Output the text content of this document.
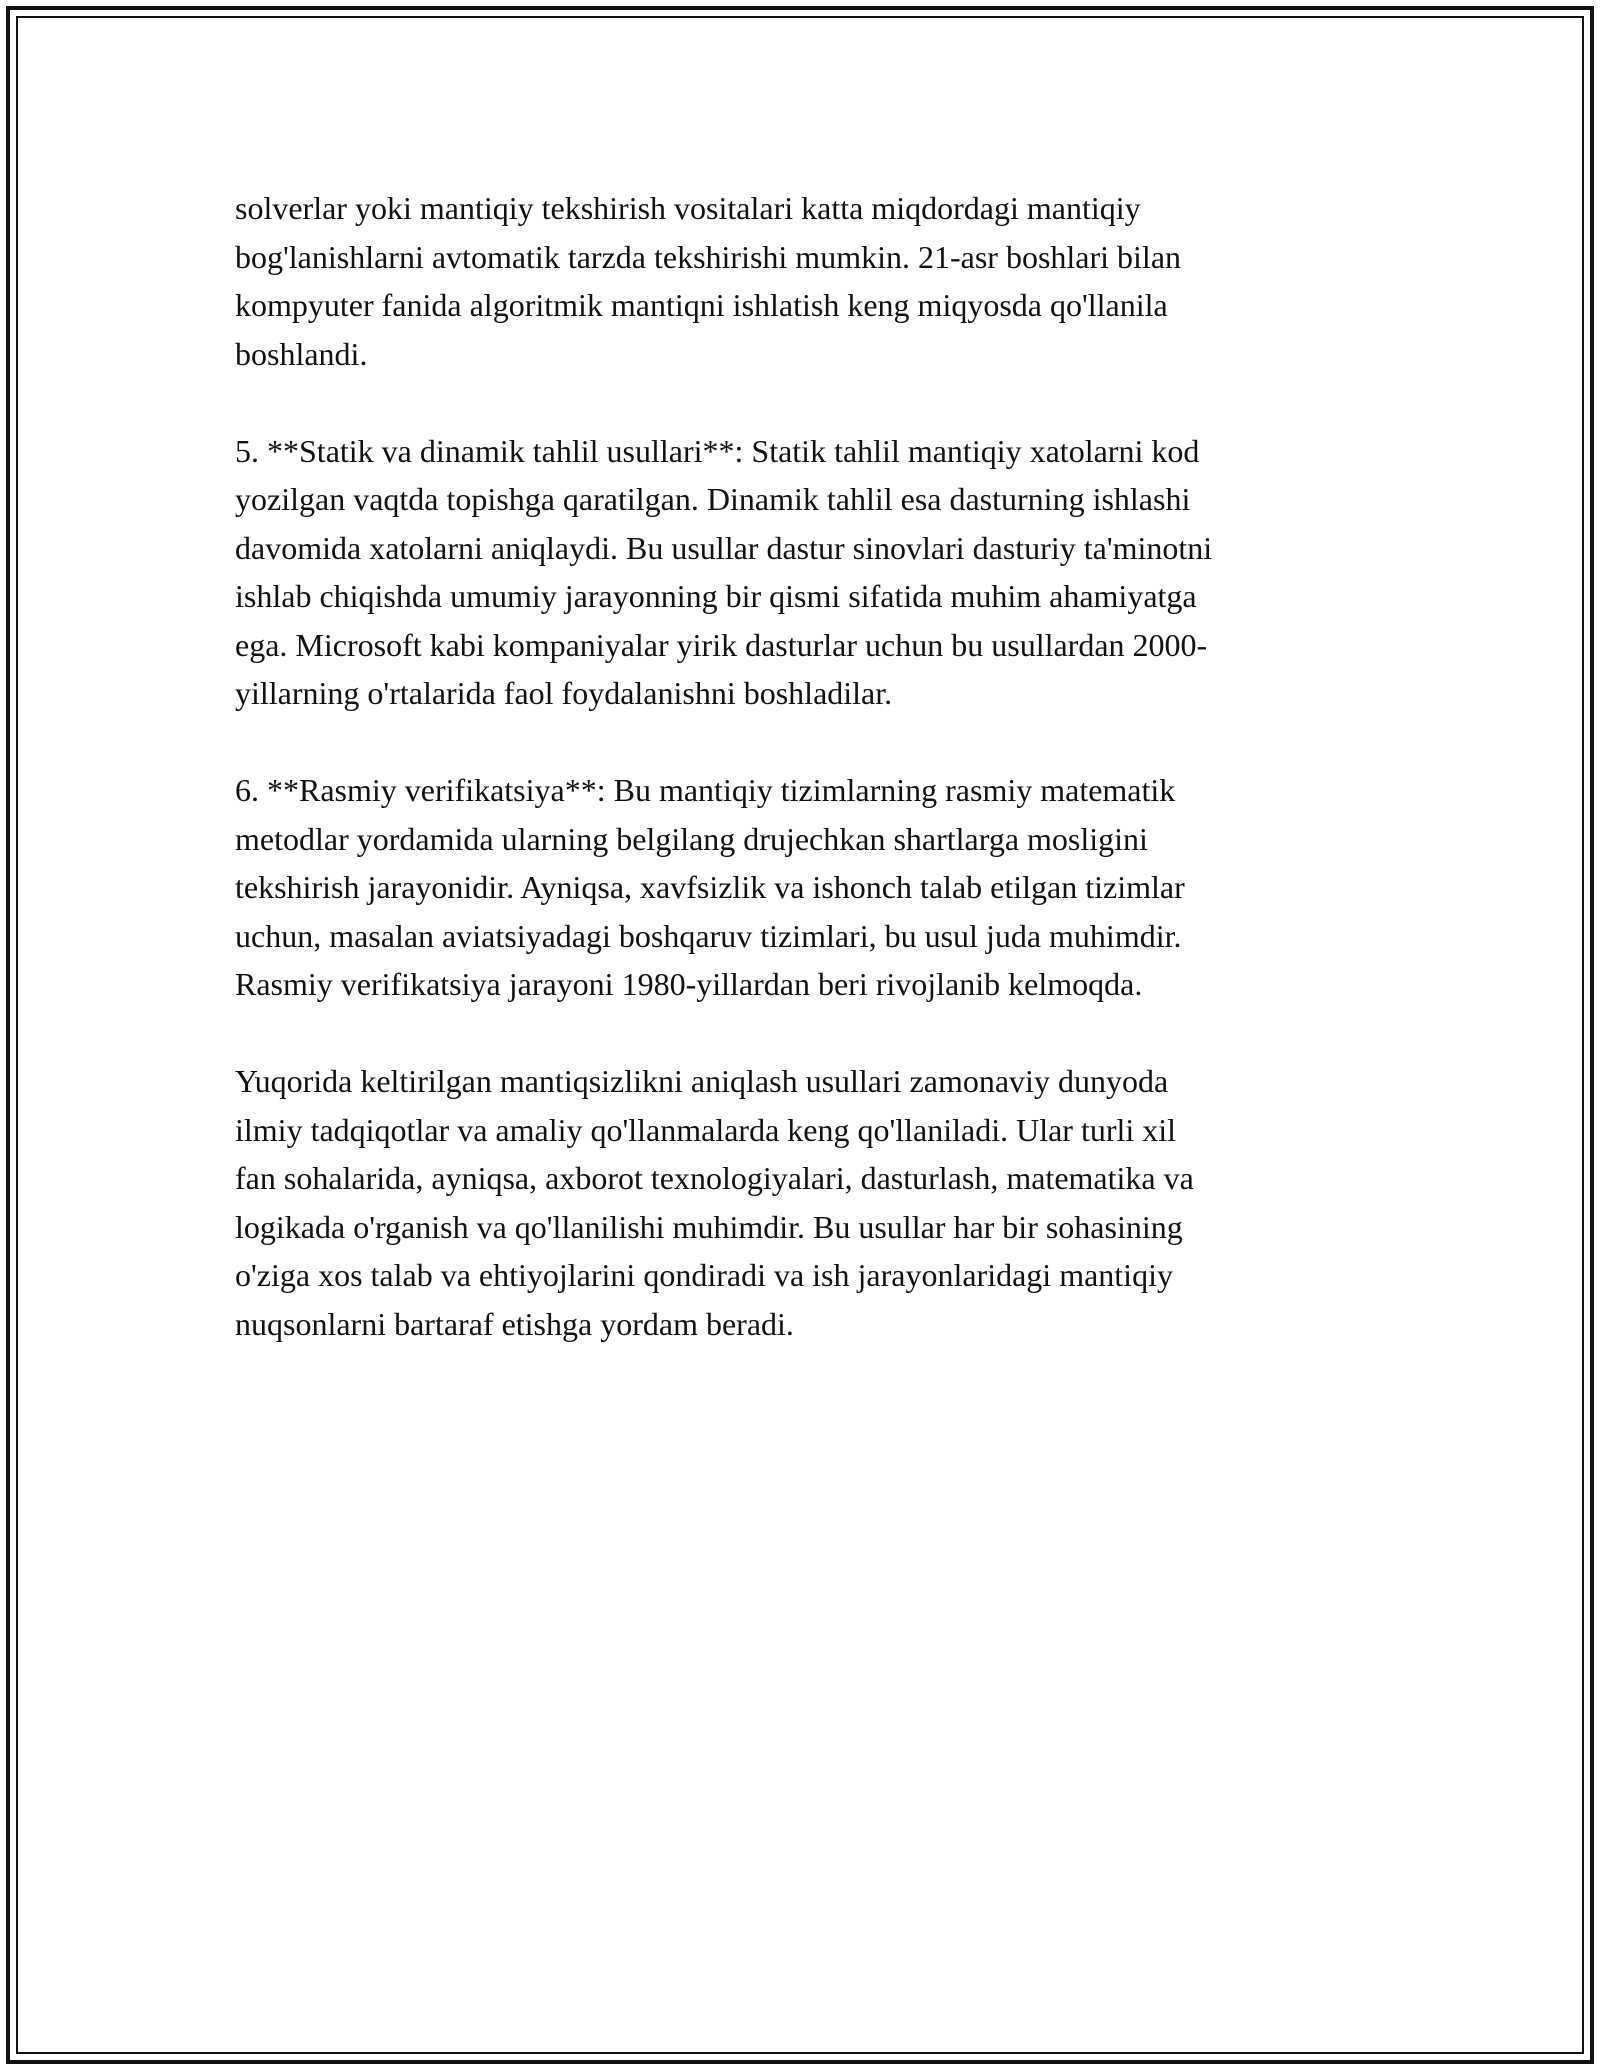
solverlar yoki mantiqiy tekshirish vositalari katta miqdordagi mantiqiy
bog'lanishlarni avtomatik tarzda tekshirishi mumkin. 21-asr boshlari bilan
kompyuter fanida algoritmik mantiqni ishlatish keng miqyosda qo'llanila
boshlandi.

5. **Statik va dinamik tahlil usullari**: Statik tahlil mantiqiy xatolarni kod
yozilgan vaqtda topishga qaratilgan. Dinamik tahlil esa dasturning ishlashi
davomida xatolarni aniqlaydi. Bu usullar dastur sinovlari dasturiy ta'minotni
ishlab chiqishda umumiy jarayonning bir qismi sifatida muhim ahamiyatga
ega. Microsoft kabi kompaniyalar yirik dasturlar uchun bu usullardan 2000-
yillarning o'rtalarida faol foydalanishni boshladilar.

6. **Rasmiy verifikatsiya**: Bu mantiqiy tizimlarning rasmiy matematik
metodlar yordamida ularning belgilang drujechkan shartlarga mosligini
tekshirish jarayonidir. Ayniqsa, xavfsizlik va ishonch talab etilgan tizimlar
uchun, masalan aviatsiyadagi boshqaruv tizimlari, bu usul juda muhimdir.
Rasmiy verifikatsiya jarayoni 1980-yillardan beri rivojlanib kelmoqda.

Yuqorida keltirilgan mantiqsizlikni aniqlash usullari zamonaviy dunyoda
ilmiy tadqiqotlar va amaliy qo'llanmalarda keng qo'llaniladi. Ular turli xil
fan sohalarida, ayniqsa, axborot texnologiyalari, dasturlash, matematika va
logikada o'rganish va qo'llanilishi muhimdir. Bu usullar har bir sohasining
o'ziga xos talab va ehtiyojlarini qondiradi va ish jarayonlaridagi mantiqiy
nuqsonlarni bartaraf etishga yordam beradi.
